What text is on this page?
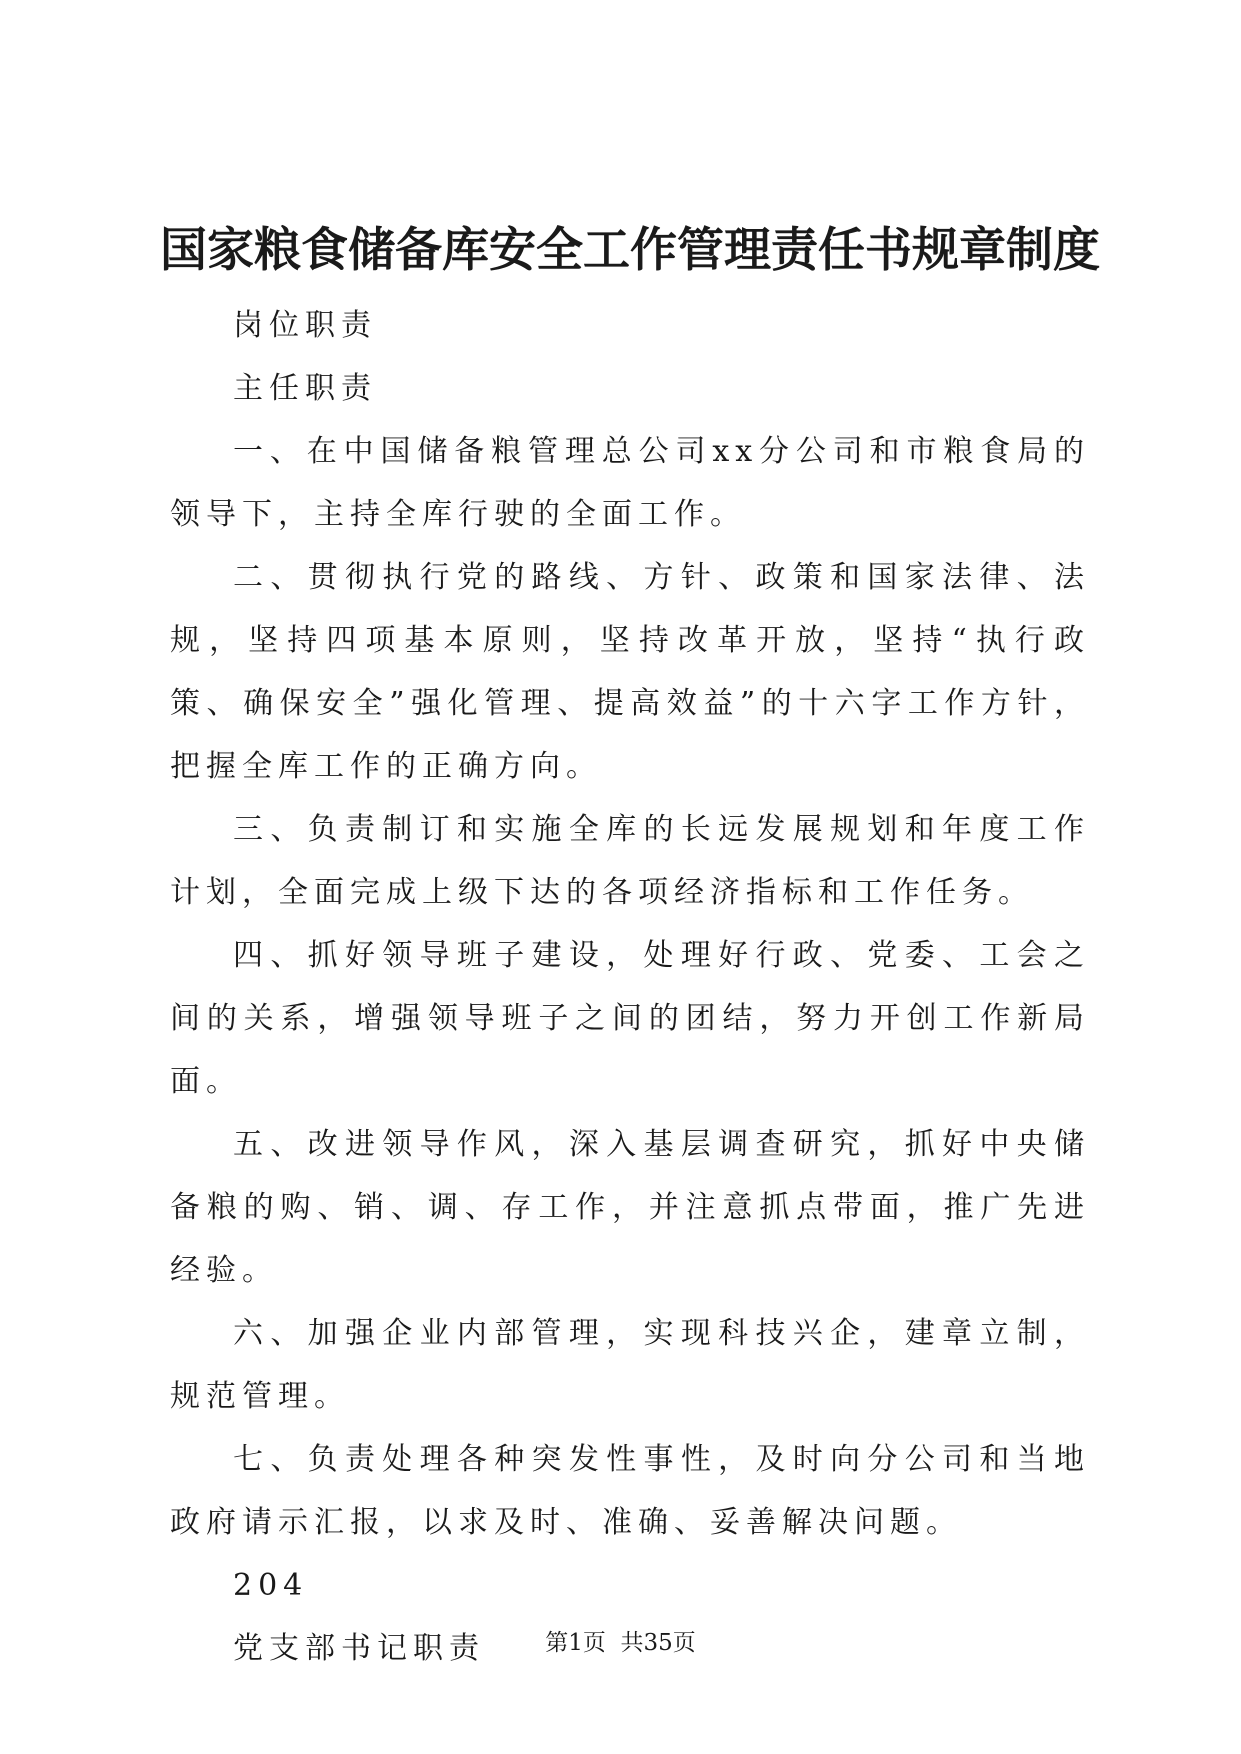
国家粮食储备库安全工作管理责任书规章制度

岗位职责

主任职责

一、在中国储备粮管理总公司xx分公司和市粮食局的领导下，主持全库行驶的全面工作。

二、贯彻执行党的路线、方针、政策和国家法律、法规，坚持四项基本原则，坚持改革开放，坚持“执行政策、确保安全”强化管理、提高效益”的十六字工作方针，把握全库工作的正确方向。

三、负责制订和实施全库的长远发展规划和年度工作计划，全面完成上级下达的各项经济指标和工作任务。

四、抓好领导班子建设，处理好行政、党委、工会之间的关系，增强领导班子之间的团结，努力开创工作新局面。

五、改进领导作风，深入基层调查研究，抓好中央储备粮的购、销、调、存工作，并注意抓点带面，推广先进经验。

六、加强企业内部管理，实现科技兴企，建章立制，规范管理。

七、负责处理各种突发性事性，及时向分公司和当地政府请示汇报，以求及时、准确、妥善解决问题。

204

党支部书记职责	第1页  共35页
